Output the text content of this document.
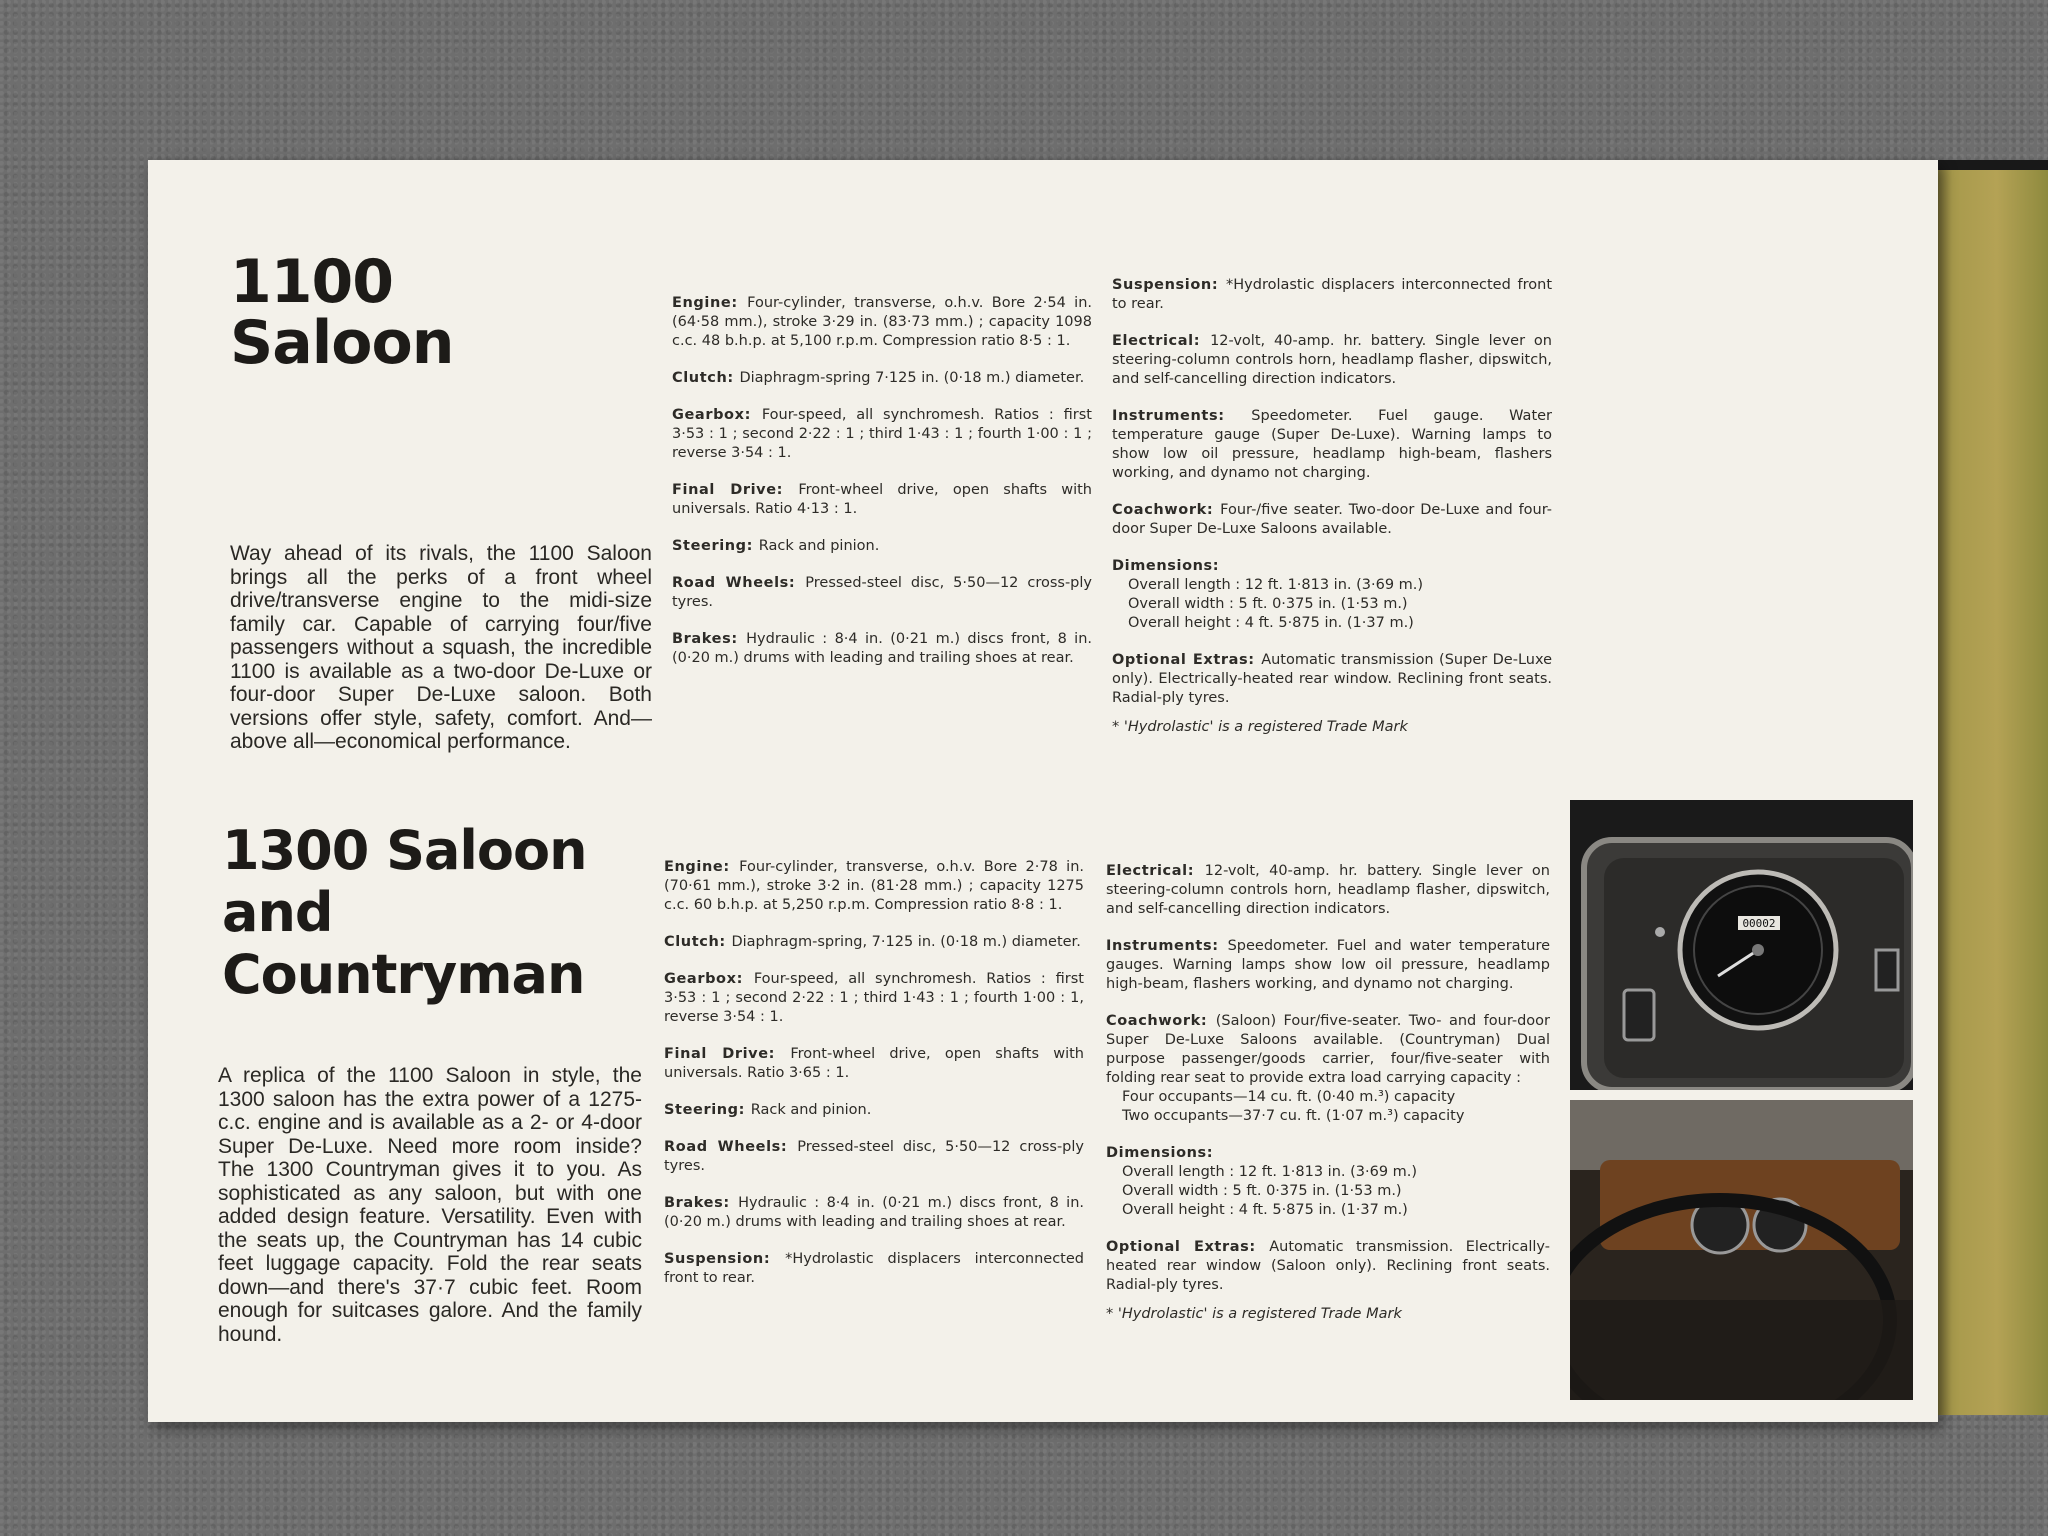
1100
Saloon

Way ahead of its rivals, the 1100 Saloon brings all the perks of a front wheel drive/transverse engine to the midi-size family car. Capable of carrying four/five passengers without a squash, the incredible 1100 is available as a two-door De-Luxe or four-door Super De-Luxe saloon. Both versions offer style, safety, comfort. And—above all—economical performance.

Engine : Four-cylinder, transverse, o.h.v. Bore 2·54 in. (64·58 mm.), stroke 3·29 in. (83·73 mm.) ; capacity 1098 c.c. 48 b.h.p. at 5,100 r.p.m. Compression ratio 8·5 : 1.

Clutch : Diaphragm-spring 7·125 in. (0·18 m.) diameter.

Gearbox : Four-speed, all synchromesh. Ratios : first 3·53 : 1 ; second 2·22 : 1 ; third 1·43 : 1 ; fourth 1·00 : 1 ; reverse 3·54 : 1.

Final Drive : Front-wheel drive, open shafts with universals. Ratio 4·13 : 1.

Steering : Rack and pinion.

Road Wheels : Pressed-steel disc, 5·50—12 cross-ply tyres.

Brakes : Hydraulic : 8·4 in. (0·21 m.) discs front, 8 in. (0·20 m.) drums with leading and trailing shoes at rear.

Suspension : *Hydrolastic displacers interconnected front to rear.

Electrical : 12-volt, 40-amp. hr. battery. Single lever on steering-column controls horn, headlamp flasher, dipswitch, and self-cancelling direction indicators.

Instruments : Speedometer. Fuel gauge. Water temperature gauge (Super De-Luxe). Warning lamps to show low oil pressure, headlamp high-beam, flashers working, and dynamo not charging.

Coachwork : Four-/five seater. Two-door De-Luxe and four-door Super De-Luxe Saloons available.

Dimensions :
Overall length : 12 ft. 1·813 in. (3·69 m.)
Overall width : 5 ft. 0·375 in. (1·53 m.)
Overall height : 4 ft. 5·875 in. (1·37 m.)

Optional Extras : Automatic transmission (Super De-Luxe only). Electrically-heated rear window. Reclining front seats. Radial-ply tyres.

* 'Hydrolastic' is a registered Trade Mark

1300 Saloon
and
Countryman

A replica of the 1100 Saloon in style, the 1300 saloon has the extra power of a 1275-c.c. engine and is available as a 2- or 4-door Super De-Luxe. Need more room inside? The 1300 Countryman gives it to you. As sophisticated as any saloon, but with one added design feature. Versatility. Even with the seats up, the Countryman has 14 cubic feet luggage capacity. Fold the rear seats down—and there's 37·7 cubic feet. Room enough for suitcases galore. And the family hound.

Engine : Four-cylinder, transverse, o.h.v. Bore 2·78 in. (70·61 mm.), stroke 3·2 in. (81·28 mm.) ; capacity 1275 c.c. 60 b.h.p. at 5,250 r.p.m. Compression ratio 8·8 : 1.

Clutch : Diaphragm-spring, 7·125 in. (0·18 m.) diameter.

Gearbox : Four-speed, all synchromesh. Ratios : first 3·53 : 1 ; second 2·22 : 1 ; third 1·43 : 1 ; fourth 1·00 : 1, reverse 3·54 : 1.

Final Drive : Front-wheel drive, open shafts with universals. Ratio 3·65 : 1.

Steering : Rack and pinion.

Road Wheels : Pressed-steel disc, 5·50—12 cross-ply tyres.

Brakes : Hydraulic : 8·4 in. (0·21 m.) discs front, 8 in. (0·20 m.) drums with leading and trailing shoes at rear.

Suspension : *Hydrolastic displacers interconnected front to rear.

Electrical : 12-volt, 40-amp. hr. battery. Single lever on steering-column controls horn, headlamp flasher, dipswitch, and self-cancelling direction indicators.

Instruments : Speedometer. Fuel and water temperature gauges. Warning lamps show low oil pressure, headlamp high-beam, flashers working, and dynamo not charging.

Coachwork : (Saloon) Four/five-seater. Two- and four-door Super De-Luxe Saloons available. (Countryman) Dual purpose passenger/goods carrier, four/five-seater with folding rear seat to provide extra load carrying capacity :

Four occupants—14 cu. ft. (0·40 m.³) capacity
Two occupants—37·7 cu. ft. (1·07 m.³) capacity

Dimensions :
Overall length : 12 ft. 1·813 in. (3·69 m.)
Overall width : 5 ft. 0·375 in. (1·53 m.)
Overall height : 4 ft. 5·875 in. (1·37 m.)

Optional Extras : Automatic transmission. Electrically-heated rear window (Saloon only). Reclining front seats. Radial-ply tyres.

* 'Hydrolastic' is a registered Trade Mark

00002
